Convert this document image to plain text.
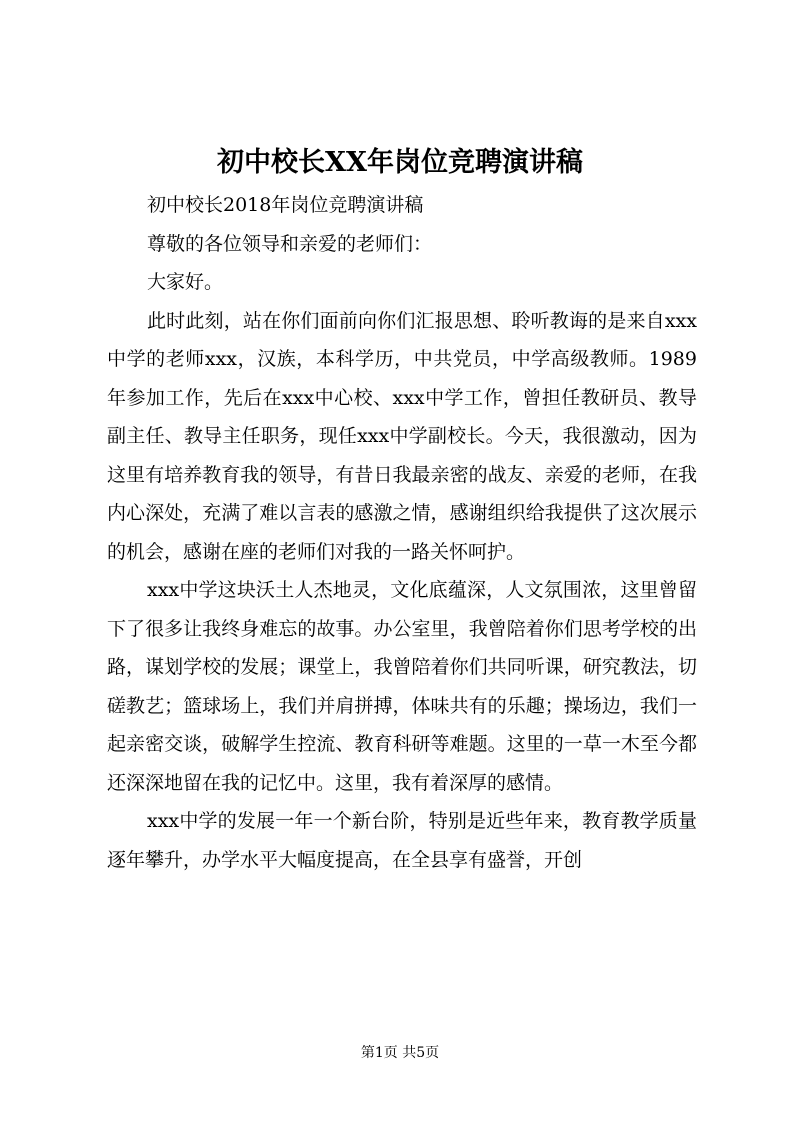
初中校长XX年岗位竞聘演讲稿

初中校长2018年岗位竞聘演讲稿

尊敬的各位领导和亲爱的老师们：

大家好。

此时此刻，站在你们面前向你们汇报思想、聆听教诲的是来自xxx中学的老师xxx，汉族，本科学历，中共党员，中学高级教师。1989年参加工作，先后在xxx中心校、xxx中学工作，曾担任教研员、教导副主任、教导主任职务，现任xxx中学副校长。今天，我很激动，因为这里有培养教育我的领导，有昔日我最亲密的战友、亲爱的老师，在我内心深处，充满了难以言表的感激之情，感谢组织给我提供了这次展示的机会，感谢在座的老师们对我的一路关怀呵护。

xxx中学这块沃土人杰地灵，文化底蕴深，人文氛围浓，这里曾留下了很多让我终身难忘的故事。办公室里，我曾陪着你们思考学校的出路，谋划学校的发展；课堂上，我曾陪着你们共同听课，研究教法，切磋教艺；篮球场上，我们并肩拼搏，体味共有的乐趣；操场边，我们一起亲密交谈，破解学生控流、教育科研等难题。这里的一草一木至今都还深深地留在我的记忆中。这里，我有着深厚的感情。

xxx中学的发展一年一个新台阶，特别是近些年来，教育教学质量逐年攀升，办学水平大幅度提高，在全县享有盛誉，开创

第1页 共5页
